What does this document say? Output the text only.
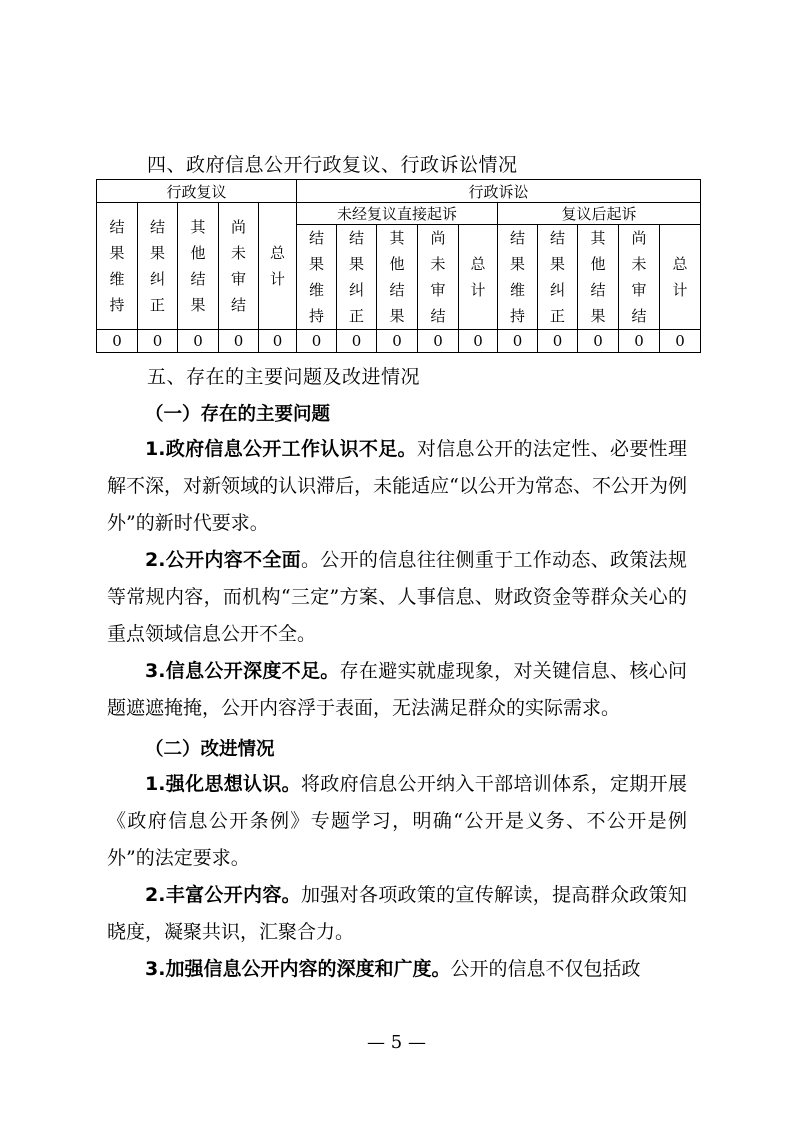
四、政府信息公开行政复议、行政诉讼情况
行政复议					行政诉讼									
结果维持	结果纠正	其他结果	尚未审结	总计	未经复议直接起诉					复议后起诉				
					结果维持	结果纠正	其他结果	尚未审结	总计	结果维持	结果纠正	其他结果	尚未审结	总计
0	0	0	0	0	0	0	0	0	0	0	0	0	0	0
五、存在的主要问题及改进情况
（一）存在的主要问题

1.政府信息公开工作认识不足。对信息公开的法定性、必要性理解不深，对新领域的认识滞后，未能适应“以公开为常态、不公开为例外”的新时代要求。

2.公开内容不全面。公开的信息往往侧重于工作动态、政策法规等常规内容，而机构“三定”方案、人事信息、财政资金等群众关心的重点领域信息公开不全。

3.信息公开深度不足。存在避实就虚现象，对关键信息、核心问题遮遮掩掩，公开内容浮于表面，无法满足群众的实际需求。

（二）改进情况

1.强化思想认识。将政府信息公开纳入干部培训体系，定期开展《政府信息公开条例》专题学习，明确“公开是义务、不公开是例外”的法定要求。

2.丰富公开内容。加强对各项政策的宣传解读，提高群众政策知晓度，凝聚共识，汇聚合力。

3.加强信息公开内容的深度和广度。公开的信息不仅包括政

— 5 —
